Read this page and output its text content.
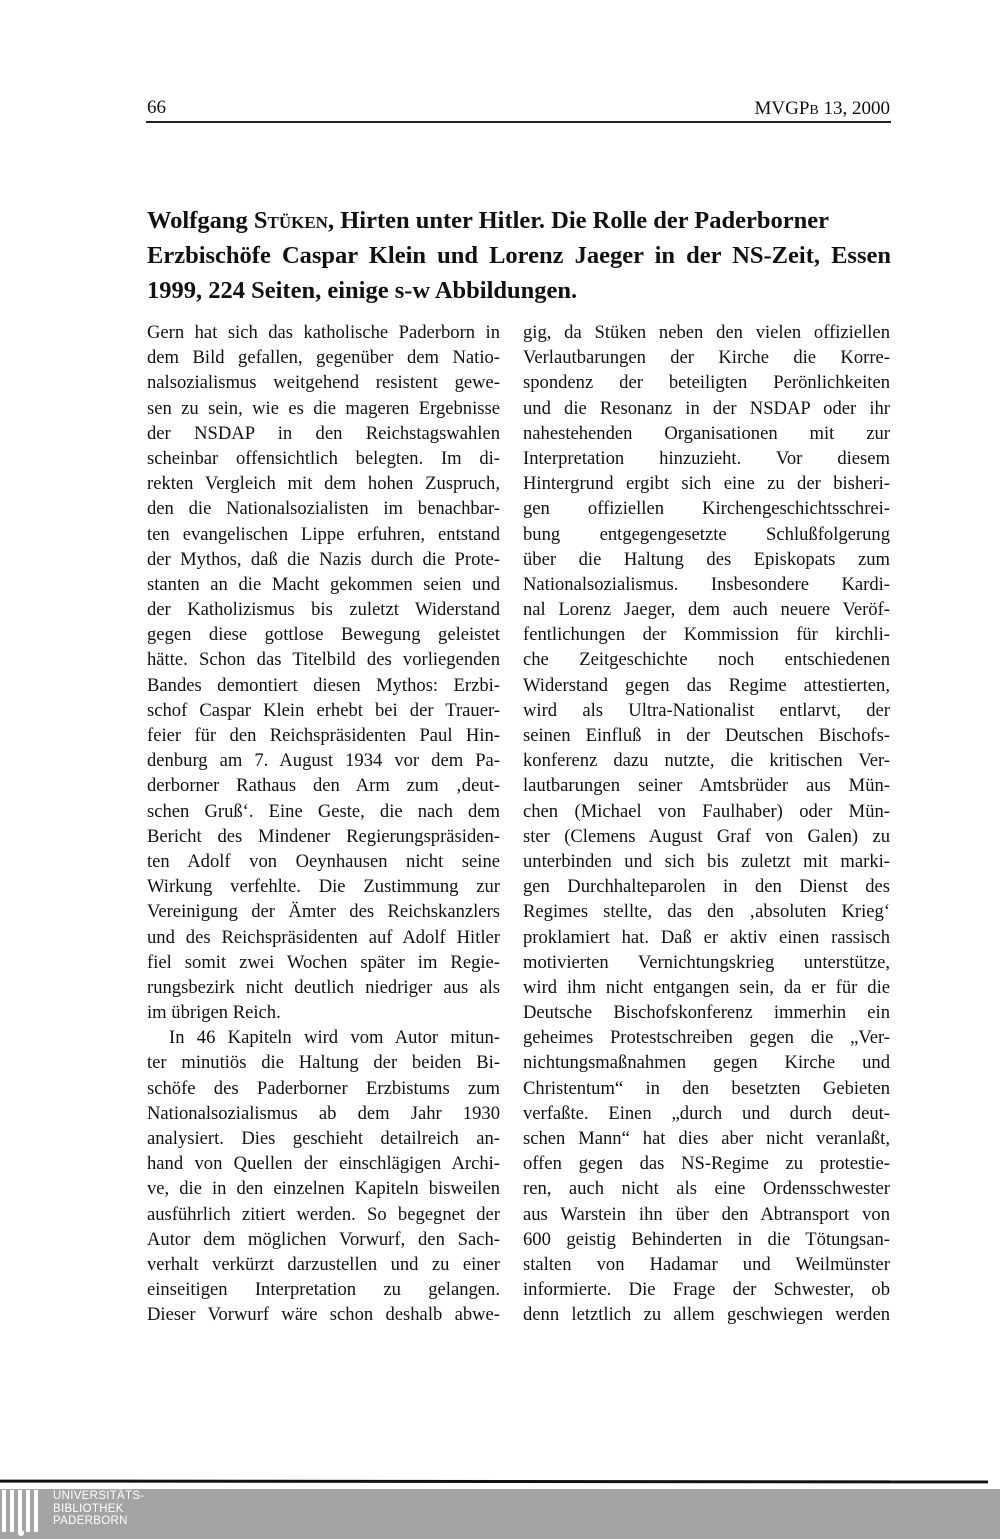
66	MVGPB 13, 2000
Wolfgang Stüken, Hirten unter Hitler. Die Rolle der Paderborner
Erzbischöfe Caspar Klein und Lorenz Jaeger in der NS-Zeit, Essen
1999, 224 Seiten, einige s-w Abbildungen.
Gern hat sich das katholische Paderborn in
dem Bild gefallen, gegenüber dem Natio-
nalsozialismus weitgehend resistent gewe-
sen zu sein, wie es die mageren Ergebnisse
der NSDAP in den Reichstagswahlen
scheinbar offensichtlich belegten. Im di-
rekten Vergleich mit dem hohen Zuspruch,
den die Nationalsozialisten im benachbar-
ten evangelischen Lippe erfuhren, entstand
der Mythos, daß die Nazis durch die Prote-
stanten an die Macht gekommen seien und
der Katholizismus bis zuletzt Widerstand
gegen diese gottlose Bewegung geleistet
hätte. Schon das Titelbild des vorliegenden
Bandes demontiert diesen Mythos: Erzbi-
schof Caspar Klein erhebt bei der Trauer-
feier für den Reichspräsidenten Paul Hin-
denburg am 7. August 1934 vor dem Pa-
derborner Rathaus den Arm zum ‚deut-
schen Gruß‘. Eine Geste, die nach dem
Bericht des Mindener Regierungspräsiden-
ten Adolf von Oeynhausen nicht seine
Wirkung verfehlte. Die Zustimmung zur
Vereinigung der Ämter des Reichskanzlers
und des Reichspräsidenten auf Adolf Hitler
fiel somit zwei Wochen später im Regie-
rungsbezirk nicht deutlich niedriger aus als
im übrigen Reich.
In 46 Kapiteln wird vom Autor mitun-
ter minutiös die Haltung der beiden Bi-
schöfe des Paderborner Erzbistums zum
Nationalsozialismus ab dem Jahr 1930
analysiert. Dies geschieht detailreich an-
hand von Quellen der einschlägigen Archi-
ve, die in den einzelnen Kapiteln bisweilen
ausführlich zitiert werden. So begegnet der
Autor dem möglichen Vorwurf, den Sach-
verhalt verkürzt darzustellen und zu einer
einseitigen Interpretation zu gelangen.
Dieser Vorwurf wäre schon deshalb abwe-
gig, da Stüken neben den vielen offiziellen
Verlautbarungen der Kirche die Korre-
spondenz der beteiligten Perönlichkeiten
und die Resonanz in der NSDAP oder ihr
nahestehenden Organisationen mit zur
Interpretation hinzuzieht. Vor diesem
Hintergrund ergibt sich eine zu der bisheri-
gen offiziellen Kirchengeschichtsschrei-
bung entgegengesetzte Schlußfolgerung
über die Haltung des Episkopats zum
Nationalsozialismus. Insbesondere Kardi-
nal Lorenz Jaeger, dem auch neuere Veröf-
fentlichungen der Kommission für kirchli-
che Zeitgeschichte noch entschiedenen
Widerstand gegen das Regime attestierten,
wird als Ultra-Nationalist entlarvt, der
seinen Einfluß in der Deutschen Bischofs-
konferenz dazu nutzte, die kritischen Ver-
lautbarungen seiner Amtsbrüder aus Mün-
chen (Michael von Faulhaber) oder Mün-
ster (Clemens August Graf von Galen) zu
unterbinden und sich bis zuletzt mit marki-
gen Durchhalteparolen in den Dienst des
Regimes stellte, das den ‚absoluten Krieg‘
proklamiert hat. Daß er aktiv einen rassisch
motivierten Vernichtungskrieg unterstütze,
wird ihm nicht entgangen sein, da er für die
Deutsche Bischofskonferenz immerhin ein
geheimes Protestschreiben gegen die „Ver-
nichtungsmaßnahmen gegen Kirche und
Christentum“ in den besetzten Gebieten
verfaßte. Einen „durch und durch deut-
schen Mann“ hat dies aber nicht veranlaßt,
offen gegen das NS-Regime zu protestie-
ren, auch nicht als eine Ordensschwester
aus Warstein ihn über den Abtransport von
600 geistig Behinderten in die Tötungsan-
stalten von Hadamar und Weilmünster
informierte. Die Frage der Schwester, ob
denn letztlich zu allem geschwiegen werden
UNIVERSITÄTS-
BIBLIOTHEK
PADERBORN
